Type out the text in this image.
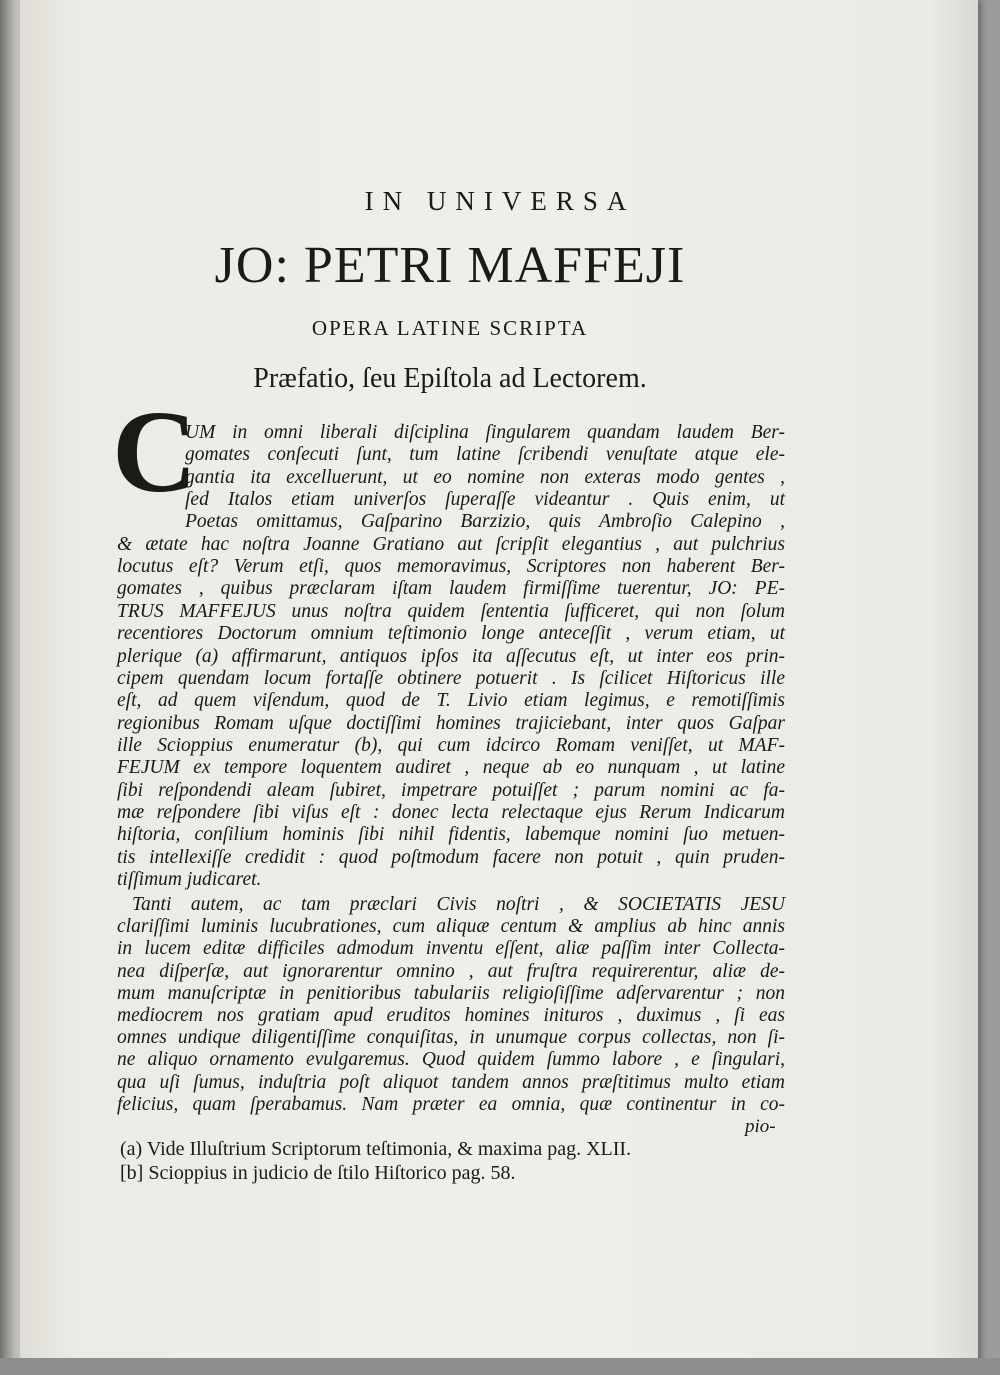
IN UNIVERSA
JO: PETRI MAFFEJI
OPERA LATINE SCRIPTA
Præfatio, ſeu Epiſtola ad Lectorem.
C
UM in omni liberali diſciplina ſingularem quandam laudem Ber-
gomates conſecuti ſunt, tum latine ſcribendi venuſtate atque ele-
gantia ita excelluerunt, ut eo nomine non exteras modo gentes ,
ſed Italos etiam univerſos ſuperaſſe videantur . Quis enim, ut
Poetas omittamus, Gaſparino Barzizio, quis Ambroſio Calepino ,
& ætate hac noſtra Joanne Gratiano aut ſcripſit elegantius , aut pulchrius
locutus eſt? Verum etſi, quos memoravimus, Scriptores non haberent Ber-
gomates , quibus præclaram iſtam laudem firmiſſime tuerentur, JO: PE-
TRUS MAFFEJUS unus noſtra quidem ſententia ſufficeret, qui non ſolum
recentiores Doctorum omnium teſtimonio longe anteceſſit , verum etiam, ut
plerique (a) affirmarunt, antiquos ipſos ita aſſecutus eſt, ut inter eos prin-
cipem quendam locum fortaſſe obtinere potuerit . Is ſcilicet Hiſtoricus ille
eſt, ad quem viſendum, quod de T. Livio etiam legimus, e remotiſſimis
regionibus Romam uſque doctiſſimi homines trajiciebant, inter quos Gaſpar
ille Scioppius enumeratur (b), qui cum idcirco Romam veniſſet, ut MAF-
FEJUM ex tempore loquentem audiret , neque ab eo nunquam , ut latine
ſibi reſpondendi aleam ſubiret, impetrare potuiſſet ; parum nomini ac fa-
mæ reſpondere ſibi viſus eſt : donec lecta relectaque ejus Rerum Indicarum
hiſtoria, conſilium hominis ſibi nihil fidentis, labemque nomini ſuo metuen-
tis intellexiſſe credidit : quod poſtmodum facere non potuit , quin pruden-
tiſſimum judicaret.
Tanti autem, ac tam præclari Civis noſtri , & SOCIETATIS JESU
clariſſimi luminis lucubrationes, cum aliquæ centum & amplius ab hinc annis
in lucem editæ difficiles admodum inventu eſſent, aliæ paſſim inter Collecta-
nea diſperſæ, aut ignorarentur omnino , aut fruſtra requirerentur, aliæ de-
mum manuſcriptæ in penitioribus tabulariis religioſiſſime adſervarentur ; non
mediocrem nos gratiam apud eruditos homines inituros , duximus , ſi eas
omnes undique diligentiſſime conquiſitas, in unumque corpus collectas, non ſi-
ne aliquo ornamento evulgaremus. Quod quidem ſummo labore , e ſingulari,
qua uſi ſumus, induſtria poſt aliquot tandem annos præſtitimus multo etiam
felicius, quam ſperabamus. Nam præter ea omnia, quæ continentur in co-
pio-
(a) Vide Illuſtrium Scriptorum teſtimonia, & maxima pag. XLII.
[b] Scioppius in judicio de ſtilo Hiſtorico pag. 58.
